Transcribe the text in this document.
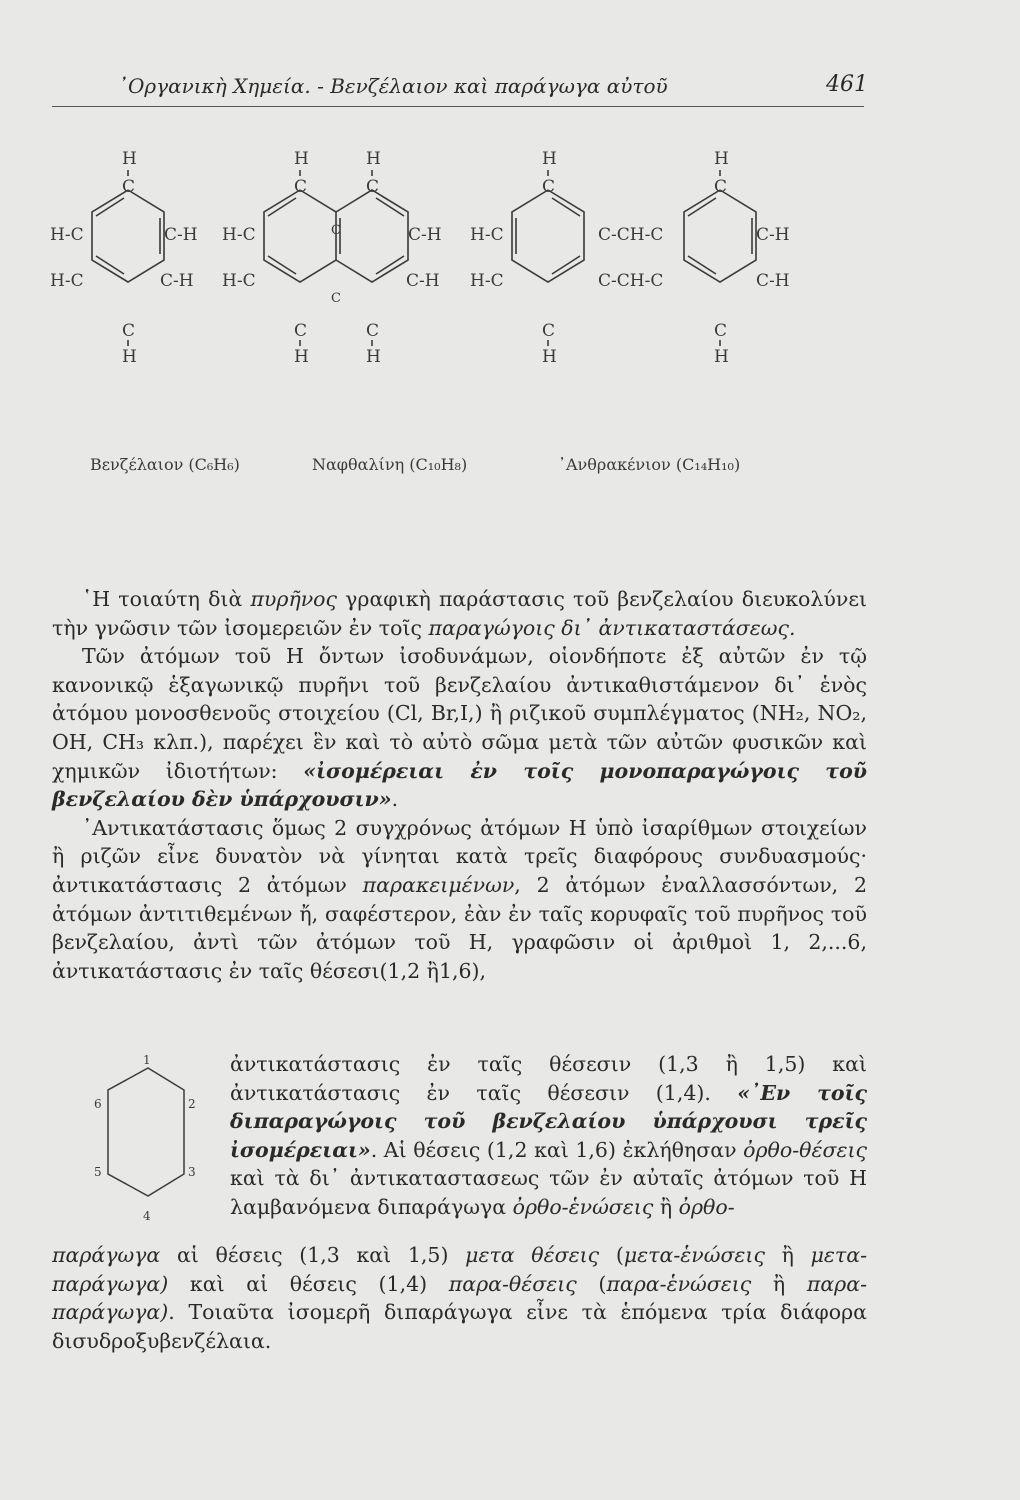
᾿Οργανικὴ Χημεία. - Βενζέλαιον καὶ παράγωγα αὐτοῦ	461
H
C
H-C	C-H
H-C	C-H
C
H
H	H
C	C
H-C	C	C-H
H-C
C
C-H
C	C
H	H
H	H
C	C
H-C	C-CH-C	C-H
H-C	C-CH-C	C-H
C	C
H	H
Βενζέλαιον (C₆H₆)	Ναφθαλίνη (C₁₀H₈)	᾿Ανθρακένιον (C₁₄H₁₀)

῾Η τοιαύτη διὰ πυρῆνος γραφικὴ παράστασις τοῦ βενζελαίου διευκολύνει τὴν γνῶσιν τῶν ἰσομερειῶν ἐν τοῖς παραγώγοις δι᾿ ἀντικαταστάσεως.

Τῶν ἀτόμων τοῦ Η ὄντων ἰσοδυνάμων, οἱονδήποτε ἐξ αὐτῶν ἐν τῷ κανονικῷ ἑξαγωνικῷ πυρῆνι τοῦ βενζελαίου ἀντικαθιστάμενον δι᾿ ἑνὸς ἀτόμου μονοσθενοῦς στοιχείου (Cl, Br,I,) ἢ ριζικοῦ συμπλέγματος (NH₂, NO₂, OH, CH₃ κλπ.), παρέχει ἓν καὶ τὸ αὐτὸ σῶμα μετὰ τῶν αὐτῶν φυσικῶν καὶ χημικῶν ἰδιοτήτων: «ἰσομέρειαι ἐν τοῖς μονοπαραγώγοις τοῦ βενζελαίου δὲν ὑπάρχουσιν».

᾿Αντικατάστασις ὅμως 2 συγχρόνως ἀτόμων Η ὑπὸ ἰσαρίθμων στοιχείων ἢ ριζῶν εἶνε δυνατὸν νὰ γίνηται κατὰ τρεῖς διαφόρους συνδυασμούς· ἀντικατάστασις 2 ἀτόμων παρακειμένων, 2 ἀτόμων ἐναλλασσόντων, 2 ἀτόμων ἀντιτιθεμένων ἤ, σαφέστερον, ἐὰν ἐν ταῖς κορυφαῖς τοῦ πυρῆνος τοῦ βενζελαίου, ἀντὶ τῶν ἀτόμων τοῦ Η, γραφῶσιν οἱ ἀριθμοὶ 1, 2,...6, ἀντικατάστασις ἐν ταῖς θέσεσι(1,2 ἢ1,6),

1
2
3
4
5
6

ἀντικατάστασις ἐν ταῖς θέσεσιν (1,3 ἢ 1,5) καὶ ἀντικατάστασις ἐν ταῖς θέσεσιν (1,4). «᾿Εν τοῖς διπαραγώγοις τοῦ βενζελαίου ὑπάρχουσι τρεῖς ἰσομέρειαι». Αἱ θέσεις (1,2 καὶ 1,6) ἐκλήθησαν ὀρθο-θέσεις καὶ τὰ δι᾿ ἀντικαταστασεως τῶν ἐν αὐταῖς ἀτόμων τοῦ Η λαμβανόμενα διπαράγωγα ὀρθο-ἑνώσεις ἢ ὀρθο-

παράγωγα αἱ θέσεις (1,3 καὶ 1,5) μετα θέσεις (μετα-ἑνώσεις ἢ μετα-παράγωγα) καὶ αἱ θέσεις (1,4) παρα-θέσεις (παρα-ἑνώσεις ἢ παρα-παράγωγα). Τοιαῦτα ἰσομερῆ διπαράγωγα εἶνε τὰ ἑπόμενα τρία διάφορα δισυδροξυβενζέλαια.
